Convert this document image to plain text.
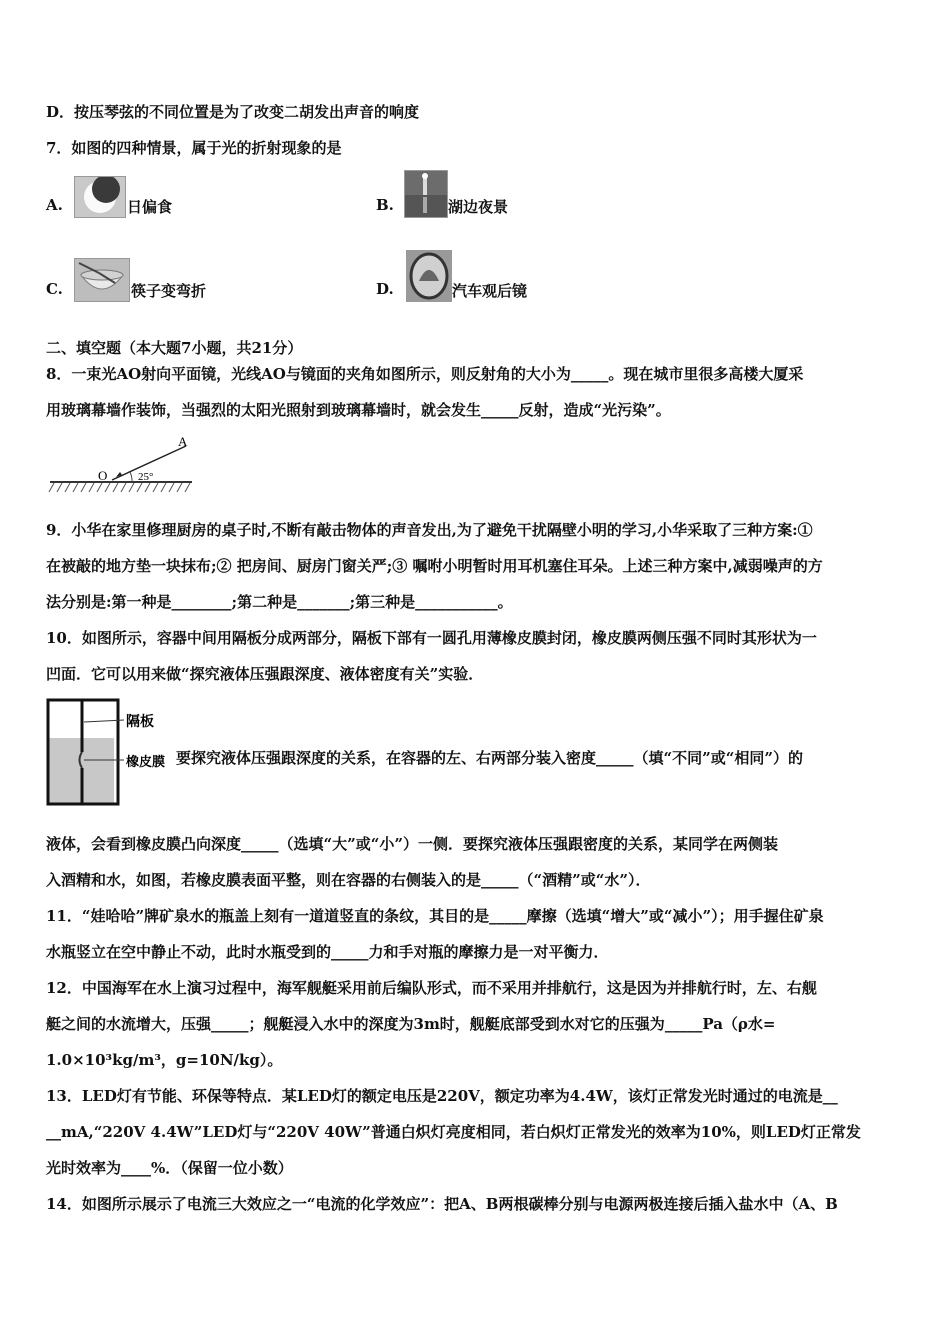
D．按压琴弦的不同位置是为了改变二胡发出声音的响度
7．如图的四种情景，属于光的折射现象的是
A.	日偏食	B.	湖边夜景
C.	筷子变弯折	D.	汽车观后镜
二、填空题（本大题7小题，共21分）
8．一束光AO射向平面镜，光线AO与镜面的夹角如图所示，则反射角的大小为_____。现在城市里很多高楼大厦采
用玻璃幕墙作装饰，当强烈的太阳光照射到玻璃幕墙时，就会发生_____反射，造成“光污染”。
A
O	25°
9．小华在家里修理厨房的桌子时,不断有敲击物体的声音发出,为了避免干扰隔壁小明的学习,小华采取了三种方案:①
在被敲的地方垫一块抹布;② 把房间、厨房门窗关严;③ 嘱咐小明暂时用耳机塞住耳朵。上述三种方案中,减弱噪声的方
法分别是:第一种是________;第二种是_______;第三种是___________。
10．如图所示，容器中间用隔板分成两部分，隔板下部有一圆孔用薄橡皮膜封闭，橡皮膜两侧压强不同时其形状为一
凹面．它可以用来做“探究液体压强跟深度、液体密度有关”实验．
隔板
橡皮膜 要探究液体压强跟深度的关系，在容器的左、右两部分装入密度_____（填“不同”或“相同”）的
液体，会看到橡皮膜凸向深度_____（选填“大”或“小”）一侧．要探究液体压强跟密度的关系，某同学在两侧装
入酒精和水，如图，若橡皮膜表面平整，则在容器的右侧装入的是_____（“酒精”或“水”）．
11．“娃哈哈”牌矿泉水的瓶盖上刻有一道道竖直的条纹，其目的是_____摩擦（选填“增大”或“减小”）；用手握住矿泉
水瓶竖立在空中静止不动，此时水瓶受到的_____力和手对瓶的摩擦力是一对平衡力．
12．中国海军在水上演习过程中，海军舰艇采用前后编队形式，而不采用并排航行，这是因为并排航行时，左、右舰
艇之间的水流增大，压强_____；舰艇浸入水中的深度为3m时，舰艇底部受到水对它的压强为_____Pa（ρ水=
1.0×10³kg/m³，g=10N/kg）。
13．LED灯有节能、环保等特点．某LED灯的额定电压是220V，额定功率为4.4W，该灯正常发光时通过的电流是__
__mA,“220V 4.4W”LED灯与“220V 40W”普通白炽灯亮度相同，若白炽灯正常发光的效率为10%，则LED灯正常发
光时效率为____%．（保留一位小数）
14．如图所示展示了电流三大效应之一“电流的化学效应”：把A、B两根碳棒分别与电源两极连接后插入盐水中（A、B
